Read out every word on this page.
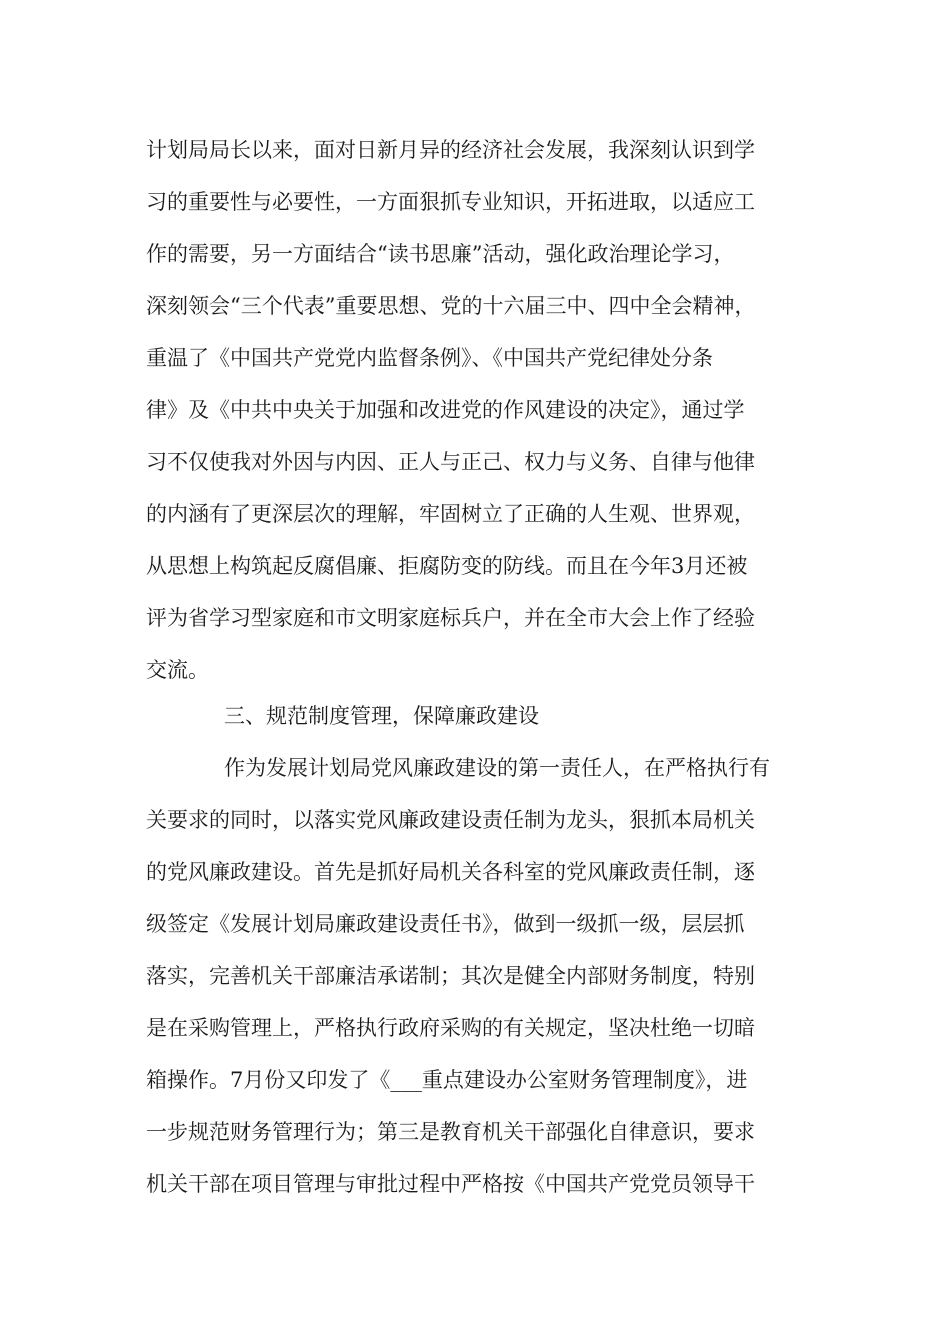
计划局局长以来，面对日新月异的经济社会发展，我深刻认识到学
习的重要性与必要性，一方面狠抓专业知识，开拓进取，以适应工
作的需要，另一方面结合“读书思廉”活动，强化政治理论学习，
深刻领会“三个代表”重要思想、党的十六届三中、四中全会精神，
重温了《中国共产党党内监督条例》、《中国共产党纪律处分条
律》及《中共中央关于加强和改进党的作风建设的决定》，通过学
习不仅使我对外因与内因、正人与正己、权力与义务、自律与他律
的内涵有了更深层次的理解，牢固树立了正确的人生观、世界观，
从思想上构筑起反腐倡廉、拒腐防变的防线。而且在今年3月还被
评为省学习型家庭和市文明家庭标兵户，并在全市大会上作了经验
交流。
三、规范制度管理，保障廉政建设
作为发展计划局党风廉政建设的第一责任人，在严格执行有
关要求的同时，以落实党风廉政建设责任制为龙头，狠抓本局机关
的党风廉政建设。首先是抓好局机关各科室的党风廉政责任制，逐
级签定《发展计划局廉政建设责任书》，做到一级抓一级，层层抓
落实，完善机关干部廉洁承诺制；其次是健全内部财务制度，特别
是在采购管理上，严格执行政府采购的有关规定，坚决杜绝一切暗
箱操作。7月份又印发了《___重点建设办公室财务管理制度》，进
一步规范财务管理行为；第三是教育机关干部强化自律意识，要求
机关干部在项目管理与审批过程中严格按《中国共产党党员领导干
